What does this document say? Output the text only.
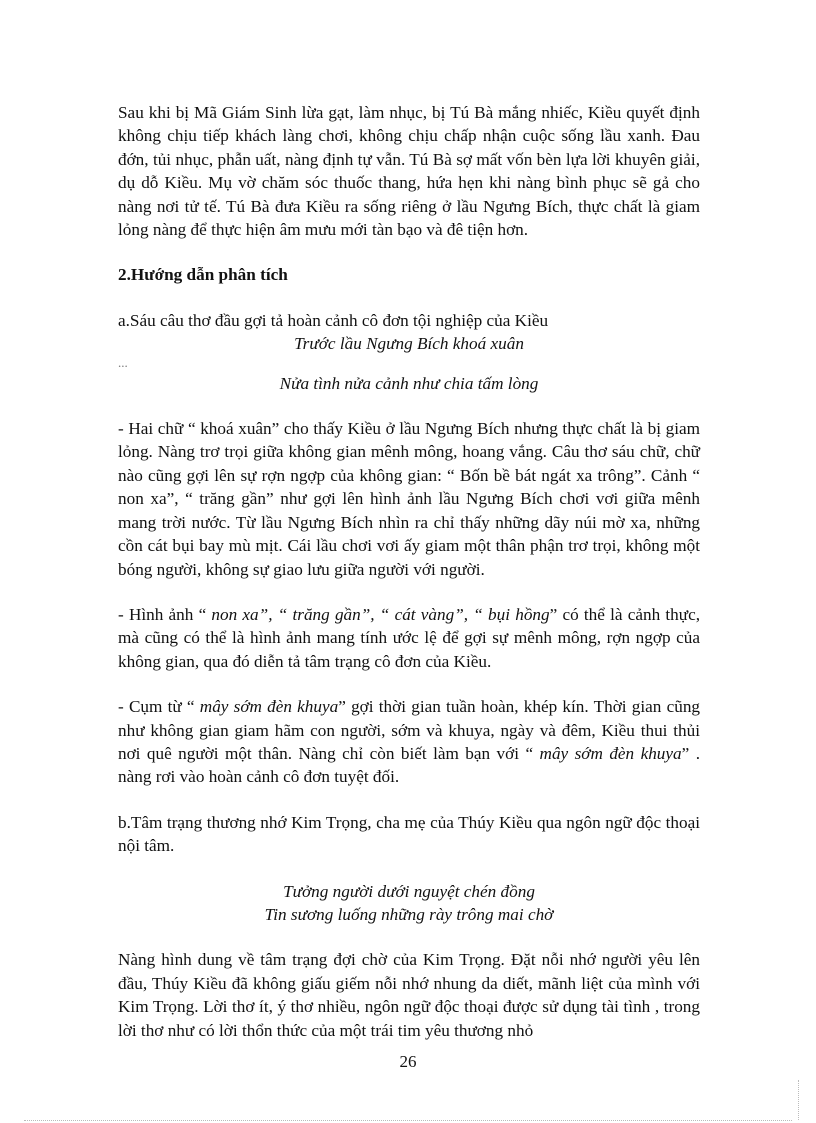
Sau khi bị Mã Giám Sinh lừa gạt, làm nhục, bị Tú Bà mắng nhiếc, Kiều quyết định không chịu tiếp khách làng chơi, không chịu chấp nhận cuộc sống lầu xanh. Đau đớn, tủi nhục, phẫn uất, nàng định tự vẫn. Tú Bà sợ mất vốn bèn lựa lời khuyên giải, dụ dỗ Kiều. Mụ vờ chăm sóc thuốc thang, hứa hẹn khi nàng bình phục sẽ gả cho nàng nơi tử tế. Tú Bà đưa Kiều ra sống riêng ở lầu Ngưng Bích, thực chất là giam lỏng nàng để thực hiện âm mưu mới tàn bạo và đê tiện hơn.

2.Hướng dẫn phân tích

a.Sáu câu thơ đầu gợi tả hoàn cảnh cô đơn tội nghiệp của Kiều

Trước lầu Ngưng Bích khoá xuân

...

Nửa tình nửa cảnh như chia tấm lòng

- Hai chữ “ khoá xuân” cho thấy Kiều ở lầu Ngưng Bích nhưng thực chất là bị giam lỏng. Nàng trơ trọi giữa không gian mênh mông, hoang vắng. Câu thơ sáu chữ, chữ nào cũng gợi lên sự rợn ngợp của không gian: “ Bốn bề bát ngát xa trông”. Cảnh “ non xa”, “ trăng gần” như gợi lên hình ảnh lầu Ngưng Bích chơi vơi giữa mênh mang trời nước. Từ lầu Ngưng Bích nhìn ra chỉ thấy những dãy núi mờ xa, những cồn cát bụi bay mù mịt. Cái lầu chơi vơi ấy giam một thân phận trơ trọi, không một bóng người, không sự giao lưu giữa người với người.

- Hình ảnh “ non xa”, “ trăng gần”, “ cát vàng”, “ bụi hồng” có thể là cảnh thực, mà cũng có thể là hình ảnh mang tính ước lệ để gợi sự mênh mông, rợn ngợp của không gian, qua đó diễn tả tâm trạng cô đơn của Kiều.

- Cụm từ “ mây sớm đèn khuya” gợi thời gian tuần hoàn, khép kín. Thời gian cũng như không gian giam hãm con người, sớm và khuya, ngày và đêm, Kiều thui thủi nơi quê người một thân. Nàng chỉ còn biết làm bạn với “ mây sớm đèn khuya” . nàng rơi vào hoàn cảnh cô đơn tuyệt đối.

b.Tâm trạng thương nhớ Kim Trọng, cha mẹ của Thúy Kiều qua ngôn ngữ độc thoại nội tâm.

Tưởng người dưới nguyệt chén đồng

Tin sương luống những rày trông mai chờ

Nàng hình dung về tâm trạng đợi chờ của Kim Trọng. Đặt nỗi nhớ người yêu lên đầu, Thúy Kiều đã không giấu giếm nỗi nhớ nhung da diết, mãnh liệt của mình với Kim Trọng. Lời thơ ít, ý thơ nhiều, ngôn ngữ độc thoại được sử dụng tài tình , trong lời thơ như có lời thổn thức của một trái tim yêu thương nhỏ

26
